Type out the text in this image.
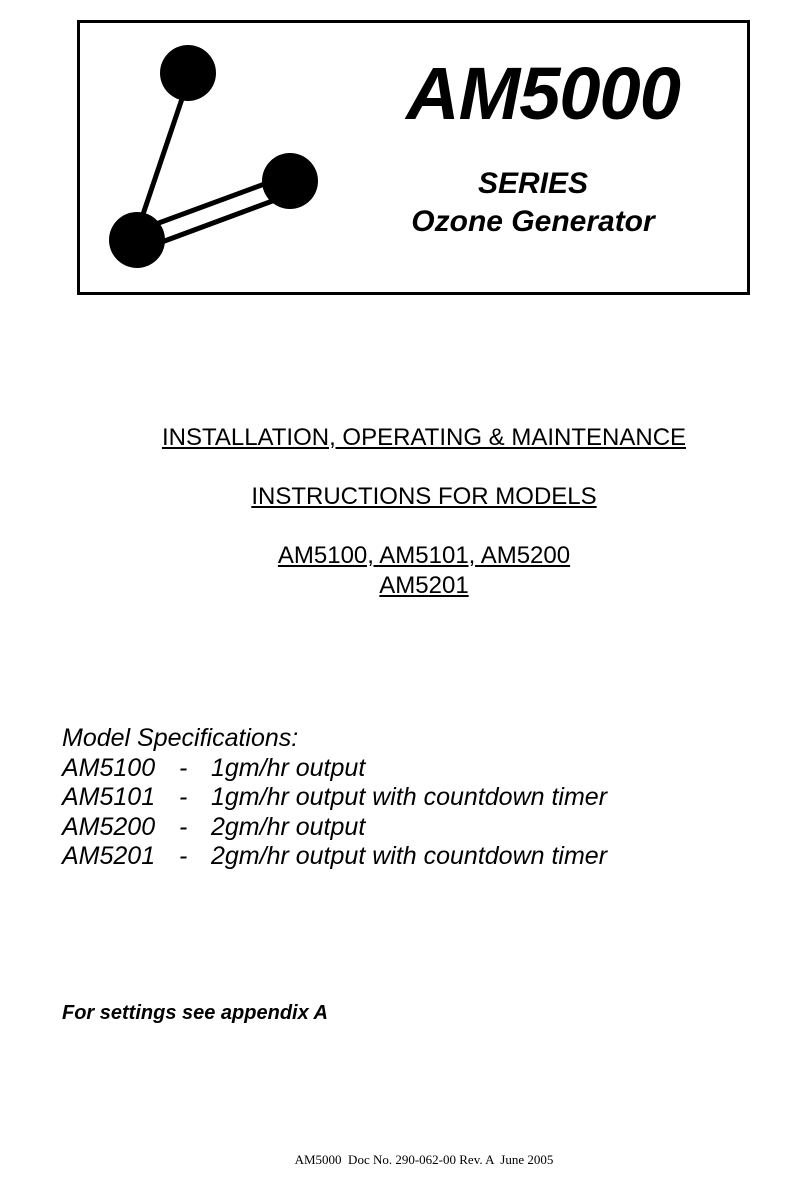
AM5000
SERIES
Ozone Generator
INSTALLATION, OPERATING & MAINTENANCE
INSTRUCTIONS FOR MODELS
AM5100, AM5101, AM5200
AM5201
Model Specifications:
AM5100 - 1gm/hr output
AM5101 - 1gm/hr output with countdown timer
AM5200 - 2gm/hr output
AM5201 - 2gm/hr output with countdown timer
For settings see appendix A
AM5000  Doc No. 290-062-00 Rev. A  June 2005
